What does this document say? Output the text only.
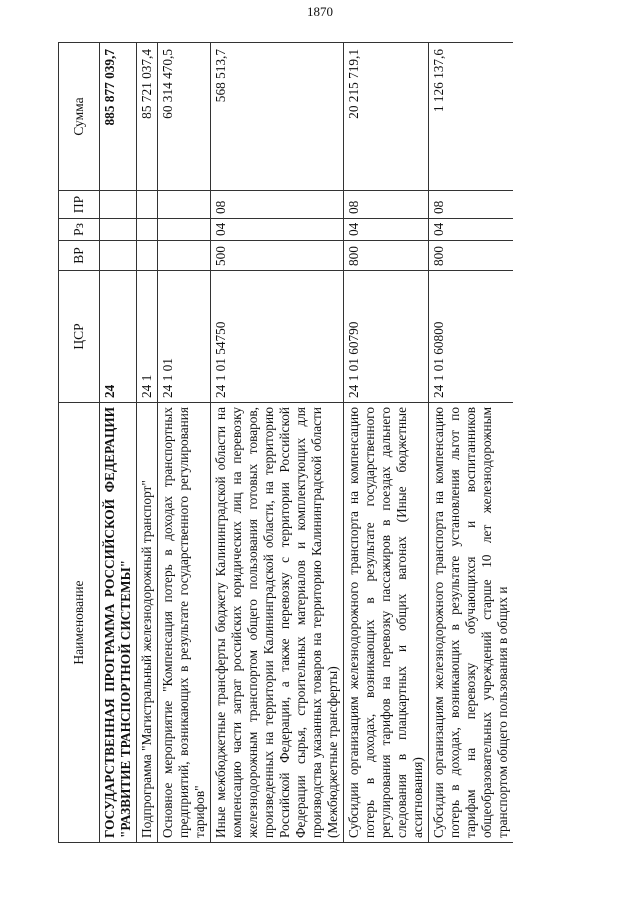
1870
Наименование	ЦСР	ВР	Рз	ПР	Сумма
ГОСУДАРСТВЕННАЯ ПРОГРАММА РОССИЙСКОЙ ФЕДЕРАЦИИ "РАЗВИТИЕ ТРАНСПОРТНОЙ СИСТЕМЫ"	24				885 877 039,7
Подпрограмма "Магистральный железнодорожный транспорт"	24 1				85 721 037,4
Основное мероприятие "Компенсация потерь в доходах транспортных предприятий, возникающих в результате государственного регулирования тарифов"	24 1 01				60 314 470,5
Иные межбюджетные трансферты бюджету Калининградской области на компенсацию части затрат российских юридических лиц на перевозку железнодорожным транспортом общего пользования готовых товаров, произведенных на территории Калининградской области, на территорию Российской Федерации, а также перевозку с территории Российской Федерации сырья, строительных материалов и комплектующих для производства указанных товаров на территорию Калининградской области (Межбюджетные трансферты)	24 1 01 54750	500	04	08	568 513,7
Субсидии организациям железнодорожного транспорта на компенсацию потерь в доходах, возникающих в результате государственного регулирования тарифов на перевозку пассажиров в поездах дальнего следования в плацкартных и общих вагонах (Иные бюджетные ассигнования)	24 1 01 60790	800	04	08	20 215 719,1
Субсидии организациям железнодорожного транспорта на компенсацию потерь в доходах, возникающих в результате установления льгот по тарифам на перевозку обучающихся и воспитанников общеобразовательных учреждений старше 10 лет железнодорожным транспортом общего пользования в общих и	24 1 01 60800	800	04	08	1 126 137,6
